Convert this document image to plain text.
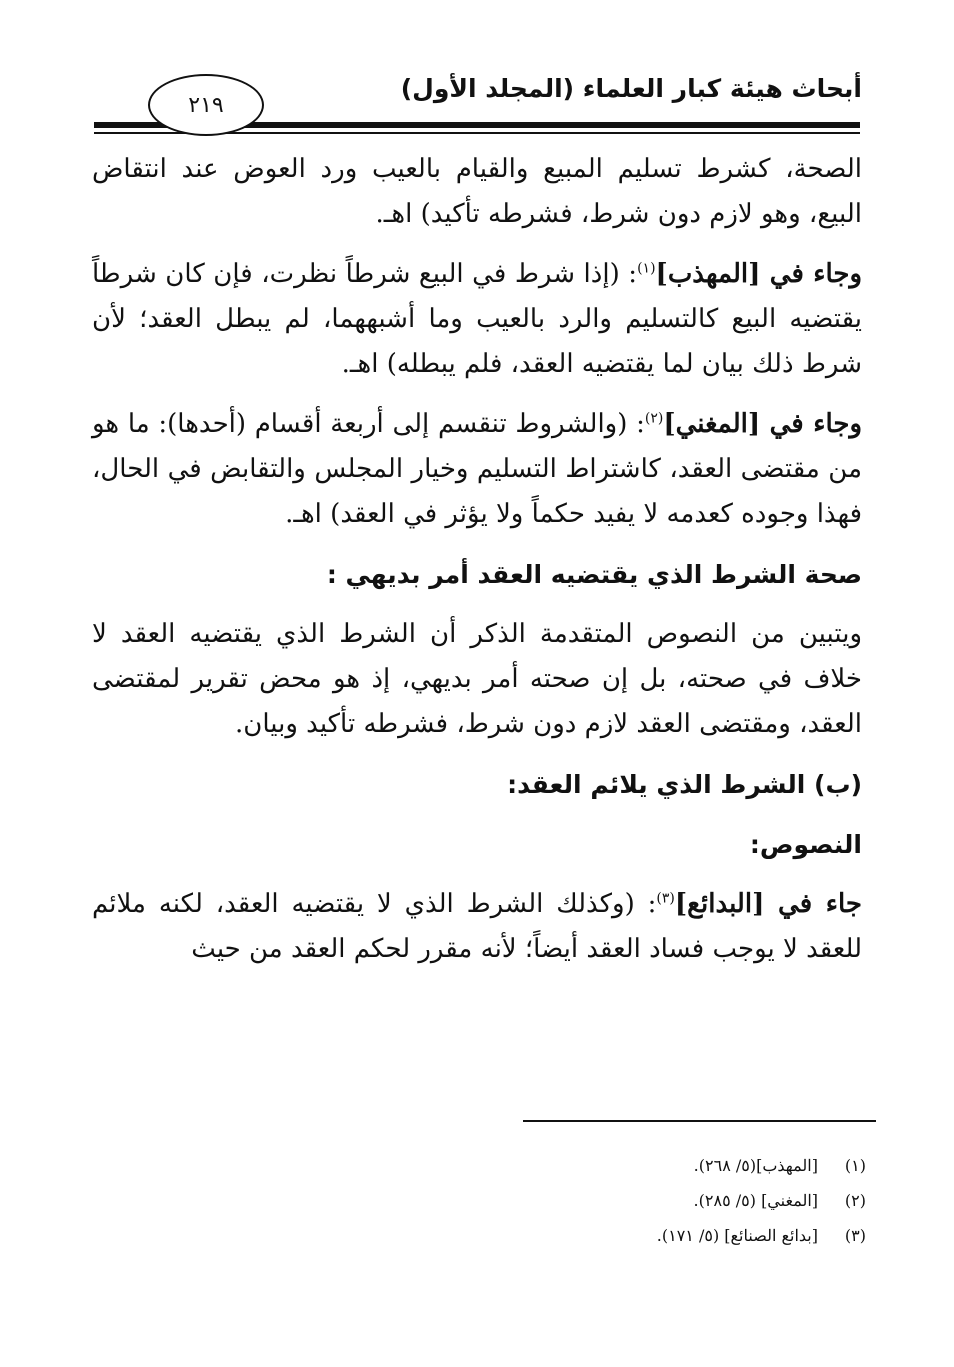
أبحاث هيئة كبار العلماء (المجلد الأول)
٢١٩

الصحة، كشرط تسليم المبيع والقيام بالعيب ورد العوض عند انتقاض البيع، وهو لازم دون شرط، فشرطه تأكيد) اهـ.

وجاء في [المهذب]$^{(١)}$: (إذا شرط في البيع شرطاً نظرت، فإن كان شرطاً يقتضيه البيع كالتسليم والرد بالعيب وما أشبههما، لم يبطل العقد؛ لأن شرط ذلك بيان لما يقتضيه العقد، فلم يبطله) اهـ.

وجاء في [المغني]$^{(٢)}$: (والشروط تنقسم إلى أربعة أقسام (أحدها): ما هو من مقتضى العقد، كاشتراط التسليم وخيار المجلس والتقابض في الحال، فهذا وجوده كعدمه لا يفيد حكماً ولا يؤثر في العقد) اهـ.

صحة الشرط الذي يقتضيه العقد أمر بديهي :

ويتبين من النصوص المتقدمة الذكر أن الشرط الذي يقتضيه العقد لا خلاف في صحته، بل إن صحته أمر بديهي، إذ هو محض تقرير لمقتضى العقد، ومقتضى العقد لازم دون شرط، فشرطه تأكيد وبيان.

(ب) الشرط الذي يلائم العقد:
النصوص:

جاء في [البدائع]$^{(٣)}$: (وكذلك الشرط الذي لا يقتضيه العقد، لكنه ملائم للعقد لا يوجب فساد العقد أيضاً؛ لأنه مقرر لحكم العقد من حيث

(١)
[المهذب](٥/ ٢٦٨).
(٢)
[المغني] (٥/ ٢٨٥).
(٣)
[بدائع الصنائع] (٥/ ١٧١).
